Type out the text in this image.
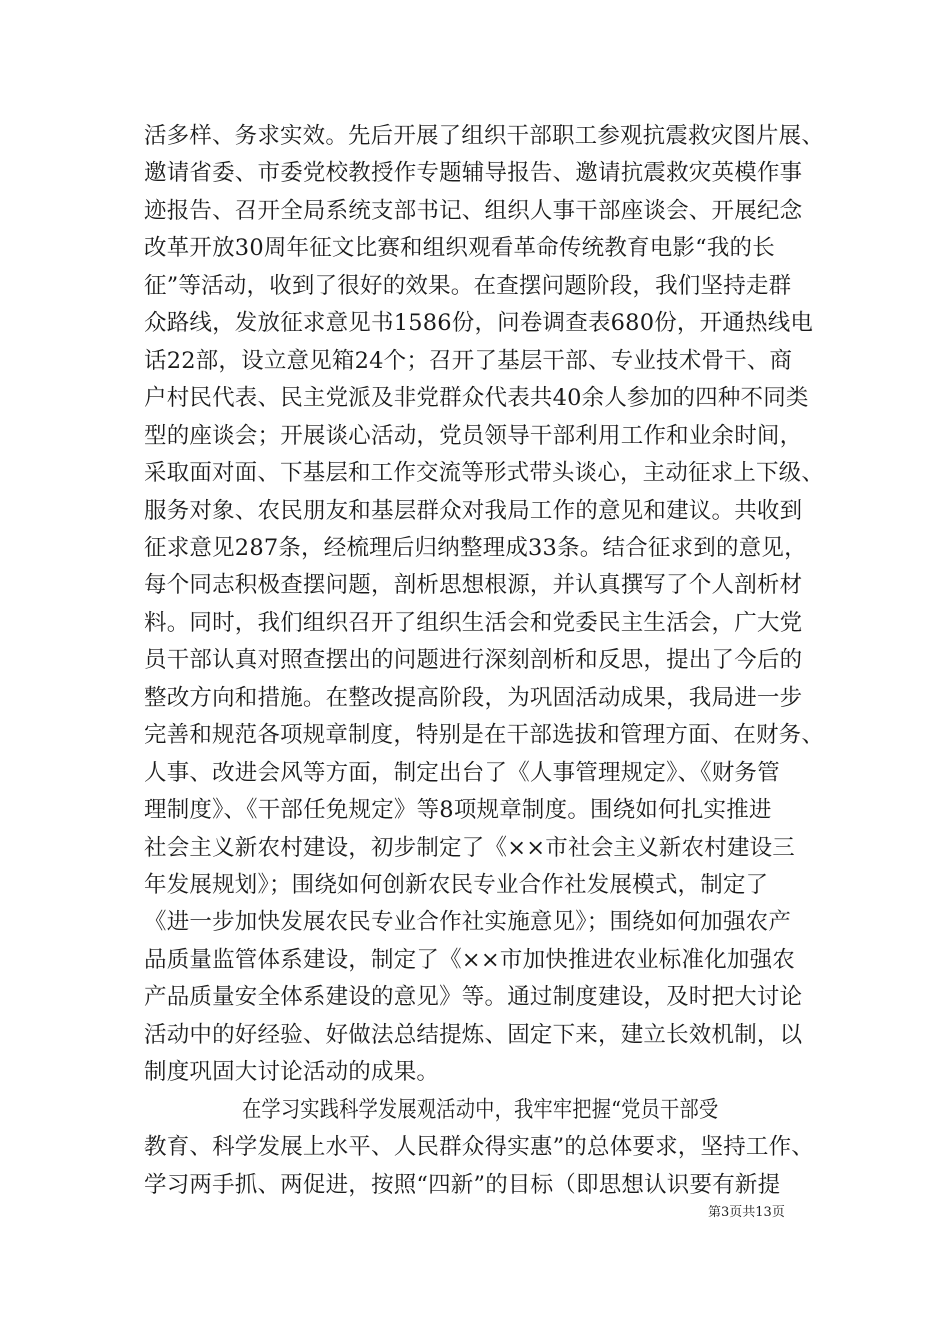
活多样、务求实效。先后开展了组织干部职工参观抗震救灾图片展、
邀请省委、市委党校教授作专题辅导报告、邀请抗震救灾英模作事
迹报告、召开全局系统支部书记、组织人事干部座谈会、开展纪念
改革开放30周年征文比赛和组织观看革命传统教育电影“我的长
征”等活动，收到了很好的效果。在查摆问题阶段，我们坚持走群
众路线，发放征求意见书1586份，问卷调查表680份，开通热线电
话22部，设立意见箱24个；召开了基层干部、专业技术骨干、商
户村民代表、民主党派及非党群众代表共40余人参加的四种不同类
型的座谈会；开展谈心活动，党员领导干部利用工作和业余时间，
采取面对面、下基层和工作交流等形式带头谈心，主动征求上下级、
服务对象、农民朋友和基层群众对我局工作的意见和建议。共收到
征求意见287条，经梳理后归纳整理成33条。结合征求到的意见，
每个同志积极查摆问题，剖析思想根源，并认真撰写了个人剖析材
料。同时，我们组织召开了组织生活会和党委民主生活会，广大党
员干部认真对照查摆出的问题进行深刻剖析和反思，提出了今后的
整改方向和措施。在整改提高阶段，为巩固活动成果，我局进一步
完善和规范各项规章制度，特别是在干部选拔和管理方面、在财务、
人事、改进会风等方面，制定出台了《人事管理规定》、《财务管
理制度》、《干部任免规定》等8项规章制度。围绕如何扎实推进
社会主义新农村建设，初步制定了《××市社会主义新农村建设三
年发展规划》；围绕如何创新农民专业合作社发展模式，制定了
《进一步加快发展农民专业合作社实施意见》；围绕如何加强农产
品质量监管体系建设，制定了《××市加快推进农业标准化加强农
产品质量安全体系建设的意见》等。通过制度建设，及时把大讨论
活动中的好经验、好做法总结提炼、固定下来，建立长效机制，以
制度巩固大讨论活动的成果。
在学习实践科学发展观活动中，我牢牢把握“党员干部受
教育、科学发展上水平、人民群众得实惠”的总体要求，坚持工作、
学习两手抓、两促进，按照“四新”的目标（即思想认识要有新提
第3页共13页
